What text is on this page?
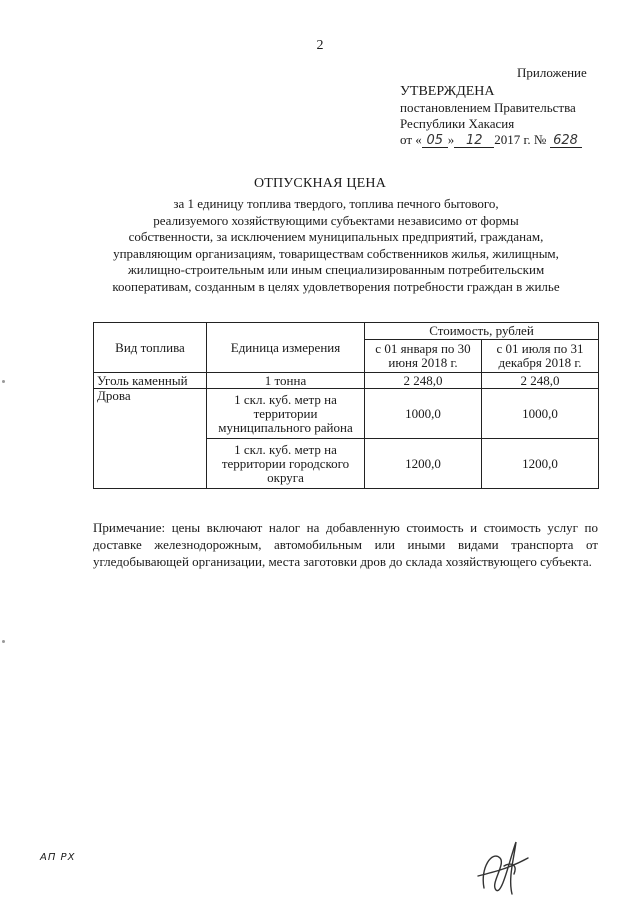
2
Приложение
УТВЕРЖДЕНА
постановлением Правительства
Республики Хакасия
от « 05 » 12 2017 г. № 628
ОТПУСКНАЯ ЦЕНА
за 1 единицу топлива твердого, топлива печного бытового,
реализуемого хозяйствующими субъектами независимо от формы
собственности, за исключением муниципальных предприятий, гражданам,
управляющим организациям, товариществам собственников жилья, жилищным,
жилищно-строительным или иным специализированным потребительским
кооперативам, созданным в целях удовлетворения потребности граждан в жилье
Вид топлива	Единица измерения	Стоимость, рублей	
		с 01 января по 30 июня 2018 г.	с 01 июля по 31 декабря 2018 г.
Уголь каменный	1 тонна	2 248,0	2 248,0
Дрова	1 скл. куб. метр на территории муниципального района	1000,0	1000,0
	1 скл. куб. метр на территории городского округа	1200,0	1200,0
Примечание: цены включают налог на добавленную стоимость и стоимость услуг по доставке железнодорожным, автомобильным или иными видами транспорта от угледобывающей организации, места заготовки дров до склада хозяйствующего субъекта.
АП РХ
